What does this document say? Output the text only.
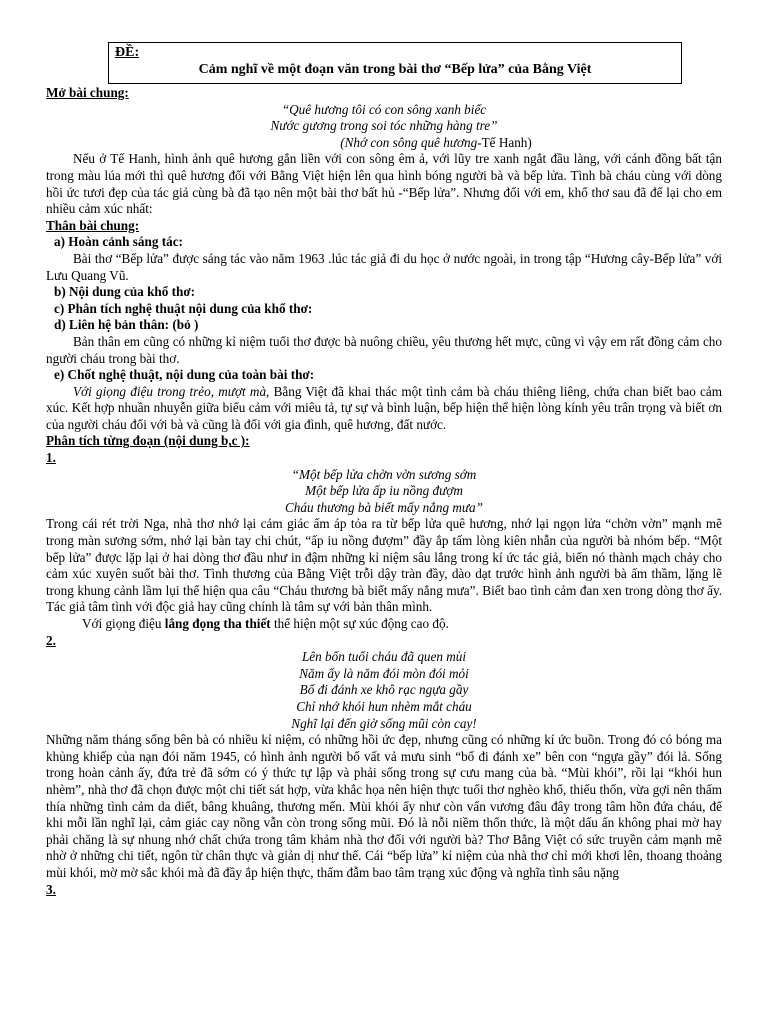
ĐỀ:
Cảm nghĩ về một đoạn văn trong bài thơ “Bếp lửa” của Bằng Việt
Mở bài chung:
“Quê hương tôi có con sông xanh biếc
Nước gương trong soi tóc những hàng tre”
(Nhớ con sông quê hương-Tế Hanh)

Nếu ở Tế Hanh, hình ảnh quê hương gắn liền với con sông êm ả, với lũy tre xanh ngắt đầu làng, với cánh đồng bất tận trong màu lúa mới thì quê hương đối với Bằng Việt hiện lên qua hình bóng người bà và bếp lửa. Tình bà cháu cùng với dòng hồi ức tươi đẹp của tác giả cùng bà đã tạo nên một bài thơ bất hủ -“Bếp lửa”. Nhưng đối với em, khổ thơ sau đã để lại cho em nhiều cảm xúc nhất:

Thân bài chung:
a) Hoàn cảnh sáng tác:

Bài thơ “Bếp lửa” được sáng tác vào năm 1963 .lúc tác giả đi du học ở nước ngoài, in trong tập “Hương cây-Bếp lửa” với Lưu Quang Vũ.

b) Nội dung của khổ thơ:
c) Phân tích nghệ thuật nội dung của khổ thơ:
d) Liên hệ bản thân: (bỏ )

Bản thân em cũng có những kỉ niệm tuổi thơ được bà nuông chiều, yêu thương hết mực, cũng vì vậy em rất đồng cảm cho người cháu trong bài thơ.

e) Chốt nghệ thuật, nội dung của toàn bài thơ:

Với giọng điệu trong trẻo, mượt mà, Bằng Việt đã khai thác một tình cảm bà cháu thiêng liêng, chứa chan biết bao cảm xúc. Kết hợp nhuần nhuyễn giữa biểu cảm với miêu tả, tự sự và bình luận, bếp hiện thể hiện lòng kính yêu trân trọng và biết ơn của người cháu đối với bà và cũng là đối với gia đình, quê hương, đất nước.

Phân tích từng đoạn (nội dung b,c ):
1.
“Một bếp lửa chờn vờn sương sớm
Một bếp lửa ấp iu nồng đượm
Cháu thương bà biết mấy nắng mưa”

Trong cái rét trời Nga, nhà thơ nhớ lại cảm giác ấm áp tỏa ra từ bếp lửa quê hương, nhớ lại ngọn lửa “chờn vờn” mạnh mẽ trong màn sương sớm, nhớ lại bàn tay chi chút, “ấp iu nồng đượm” đầy ắp tấm lòng kiên nhẫn của người bà nhóm bếp. “Một bếp lửa” được lặp lại ở hai dòng thơ đầu như in đậm những kỉ niệm sâu lắng trong kí ức tác giả, biến nó thành mạch chảy cho cảm xúc xuyên suốt bài thơ. Tình thương của Bằng Việt trỗi dậy tràn đầy, dào dạt trước hình ảnh người bà ấm thầm, lặng lẽ trong khung cảnh lầm lụi thể hiện qua câu “Cháu thương bà biết mấy nắng mưa”. Biết bao tình cảm đan xen trong dòng thơ ấy. Tác giả tâm tình với độc giả hay cũng chính là tâm sự với bản thân mình.

Với giọng điệu lắng đọng tha thiết thể hiện một sự xúc động cao độ.

2.
Lên bốn tuổi cháu đã quen mùi
Năm ấy là năm đói mòn đói mỏi
Bố đi đánh xe khô rạc ngựa gầy
Chỉ nhớ khói hun nhèm mắt cháu
Nghĩ lại đến giờ sống mũi còn cay!

Những năm tháng sống bên bà có nhiều kỉ niệm, có những hồi ức đẹp, nhưng cũng có những kí ức buồn. Trong đó có bóng ma khủng khiếp của nạn đói năm 1945, có hình ảnh người bố vất vả mưu sinh “bố đi đánh xe” bên con “ngựa gầy” đói lả. Sống trong hoàn cảnh ấy, đứa trẻ đã sớm có ý thức tự lập và phải sống trong sự cưu mang của bà. “Mùi khói”, rồi lại “khói hun nhèm”, nhà thơ đã chọn được một chi tiết sát hợp, vừa khắc họa nên hiện thực tuổi thơ nghèo khổ, thiếu thốn, vừa gợi nên thấm thía những tình cảm da diết, bâng khuâng, thương mến. Mùi khói ấy như còn vấn vương đâu đây trong tâm hồn đứa cháu, để khi mỗi lần nghĩ lại, cảm giác cay nồng vẫn còn trong sống mũi. Đó là nỗi niềm thổn thức, là một dấu ấn không phai mờ hay phải chăng là sự nhung nhớ chất chứa trong tâm khảm nhà thơ đối với người bà? Thơ Bằng Việt có sức truyền cảm mạnh mẽ nhờ ở những chi tiết, ngôn từ chân thực và giản dị như thế. Cái “bếp lửa” kỉ niệm của nhà thơ chỉ mới khơi lên, thoang thoảng mùi khói, mờ mờ sắc khói mà đã đầy ắp hiện thực, thấm đẫm bao tâm trạng xúc động và nghĩa tình sâu nặng

3.
